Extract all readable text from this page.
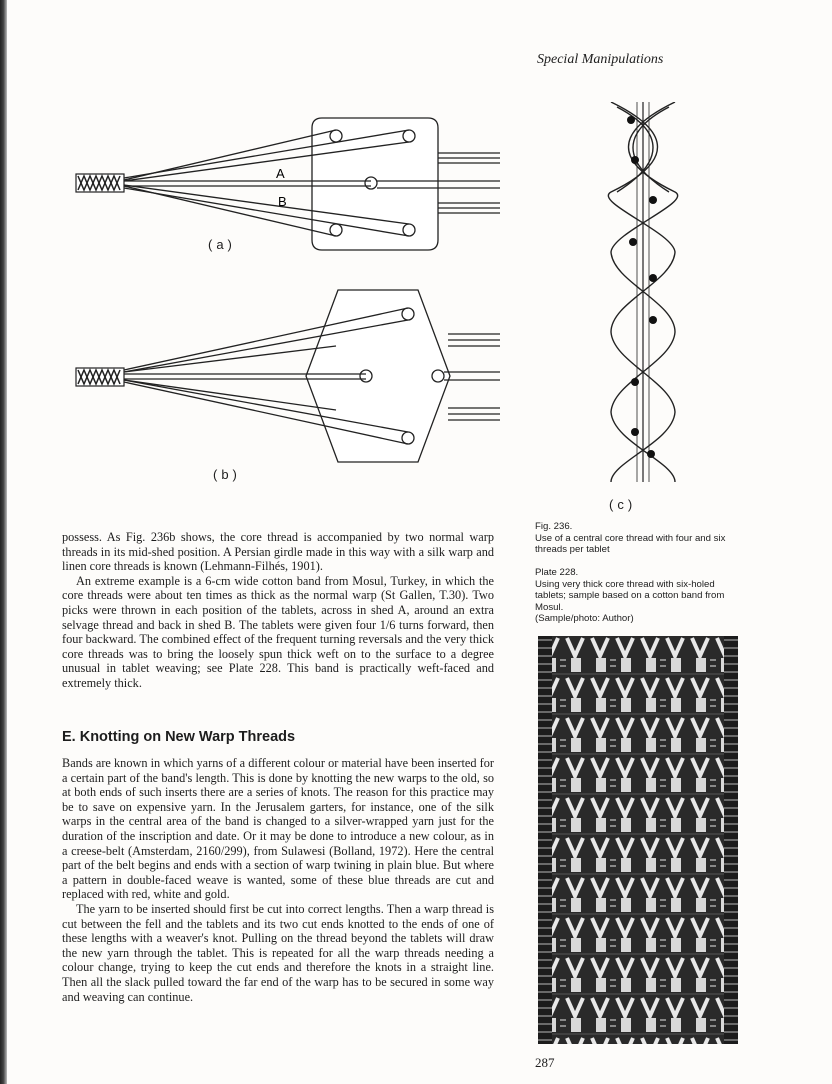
Special Manipulations
A
B
(a)
(b)
(c)
Fig. 236.
Use of a central core thread with four and six threads per tablet
Plate 228.
Using very thick core thread with six-holed tablets; sample based on a cotton band from Mosul.
(Sample/photo: Author)

possess. As Fig. 236b shows, the core thread is accompanied by two normal warp threads in its mid-shed position. A Persian girdle made in this way with a silk warp and linen core threads is known (Lehmann-Filhés, 1901).

An extreme example is a 6-cm wide cotton band from Mosul, Turkey, in which the core threads were about ten times as thick as the normal warp (St Gallen, T.30). Two picks were thrown in each position of the tablets, across in shed A, around an extra selvage thread and back in shed B. The tablets were given four 1/6 turns forward, then four backward. The combined effect of the frequent turning reversals and the very thick core threads was to bring the loosely spun thick weft on to the surface to a degree unusual in tablet weaving; see Plate 228. This band is practically weft-faced and extremely thick.

E. Knotting on New Warp Threads

Bands are known in which yarns of a different colour or material have been inserted for a certain part of the band's length. This is done by knotting the new warps to the old, so at both ends of such inserts there are a series of knots. The reason for this practice may be to save on expensive yarn. In the Jerusalem garters, for instance, one of the silk warps in the central area of the band is changed to a silver-wrapped yarn just for the duration of the inscription and date. Or it may be done to introduce a new colour, as in a creese-belt (Amsterdam, 2160/299), from Sulawesi (Bolland, 1972). Here the central part of the belt begins and ends with a section of warp twining in plain blue. But where a pattern in double-faced weave is wanted, some of these blue threads are cut and replaced with red, white and gold.

The yarn to be inserted should first be cut into correct lengths. Then a warp thread is cut between the fell and the tablets and its two cut ends knotted to the ends of one of these lengths with a weaver's knot. Pulling on the thread beyond the tablets will draw the new yarn through the tablet. This is repeated for all the warp threads needing a colour change, trying to keep the cut ends and therefore the knots in a straight line. Then all the slack pulled toward the far end of the warp has to be secured in some way and weaving can continue.

287
